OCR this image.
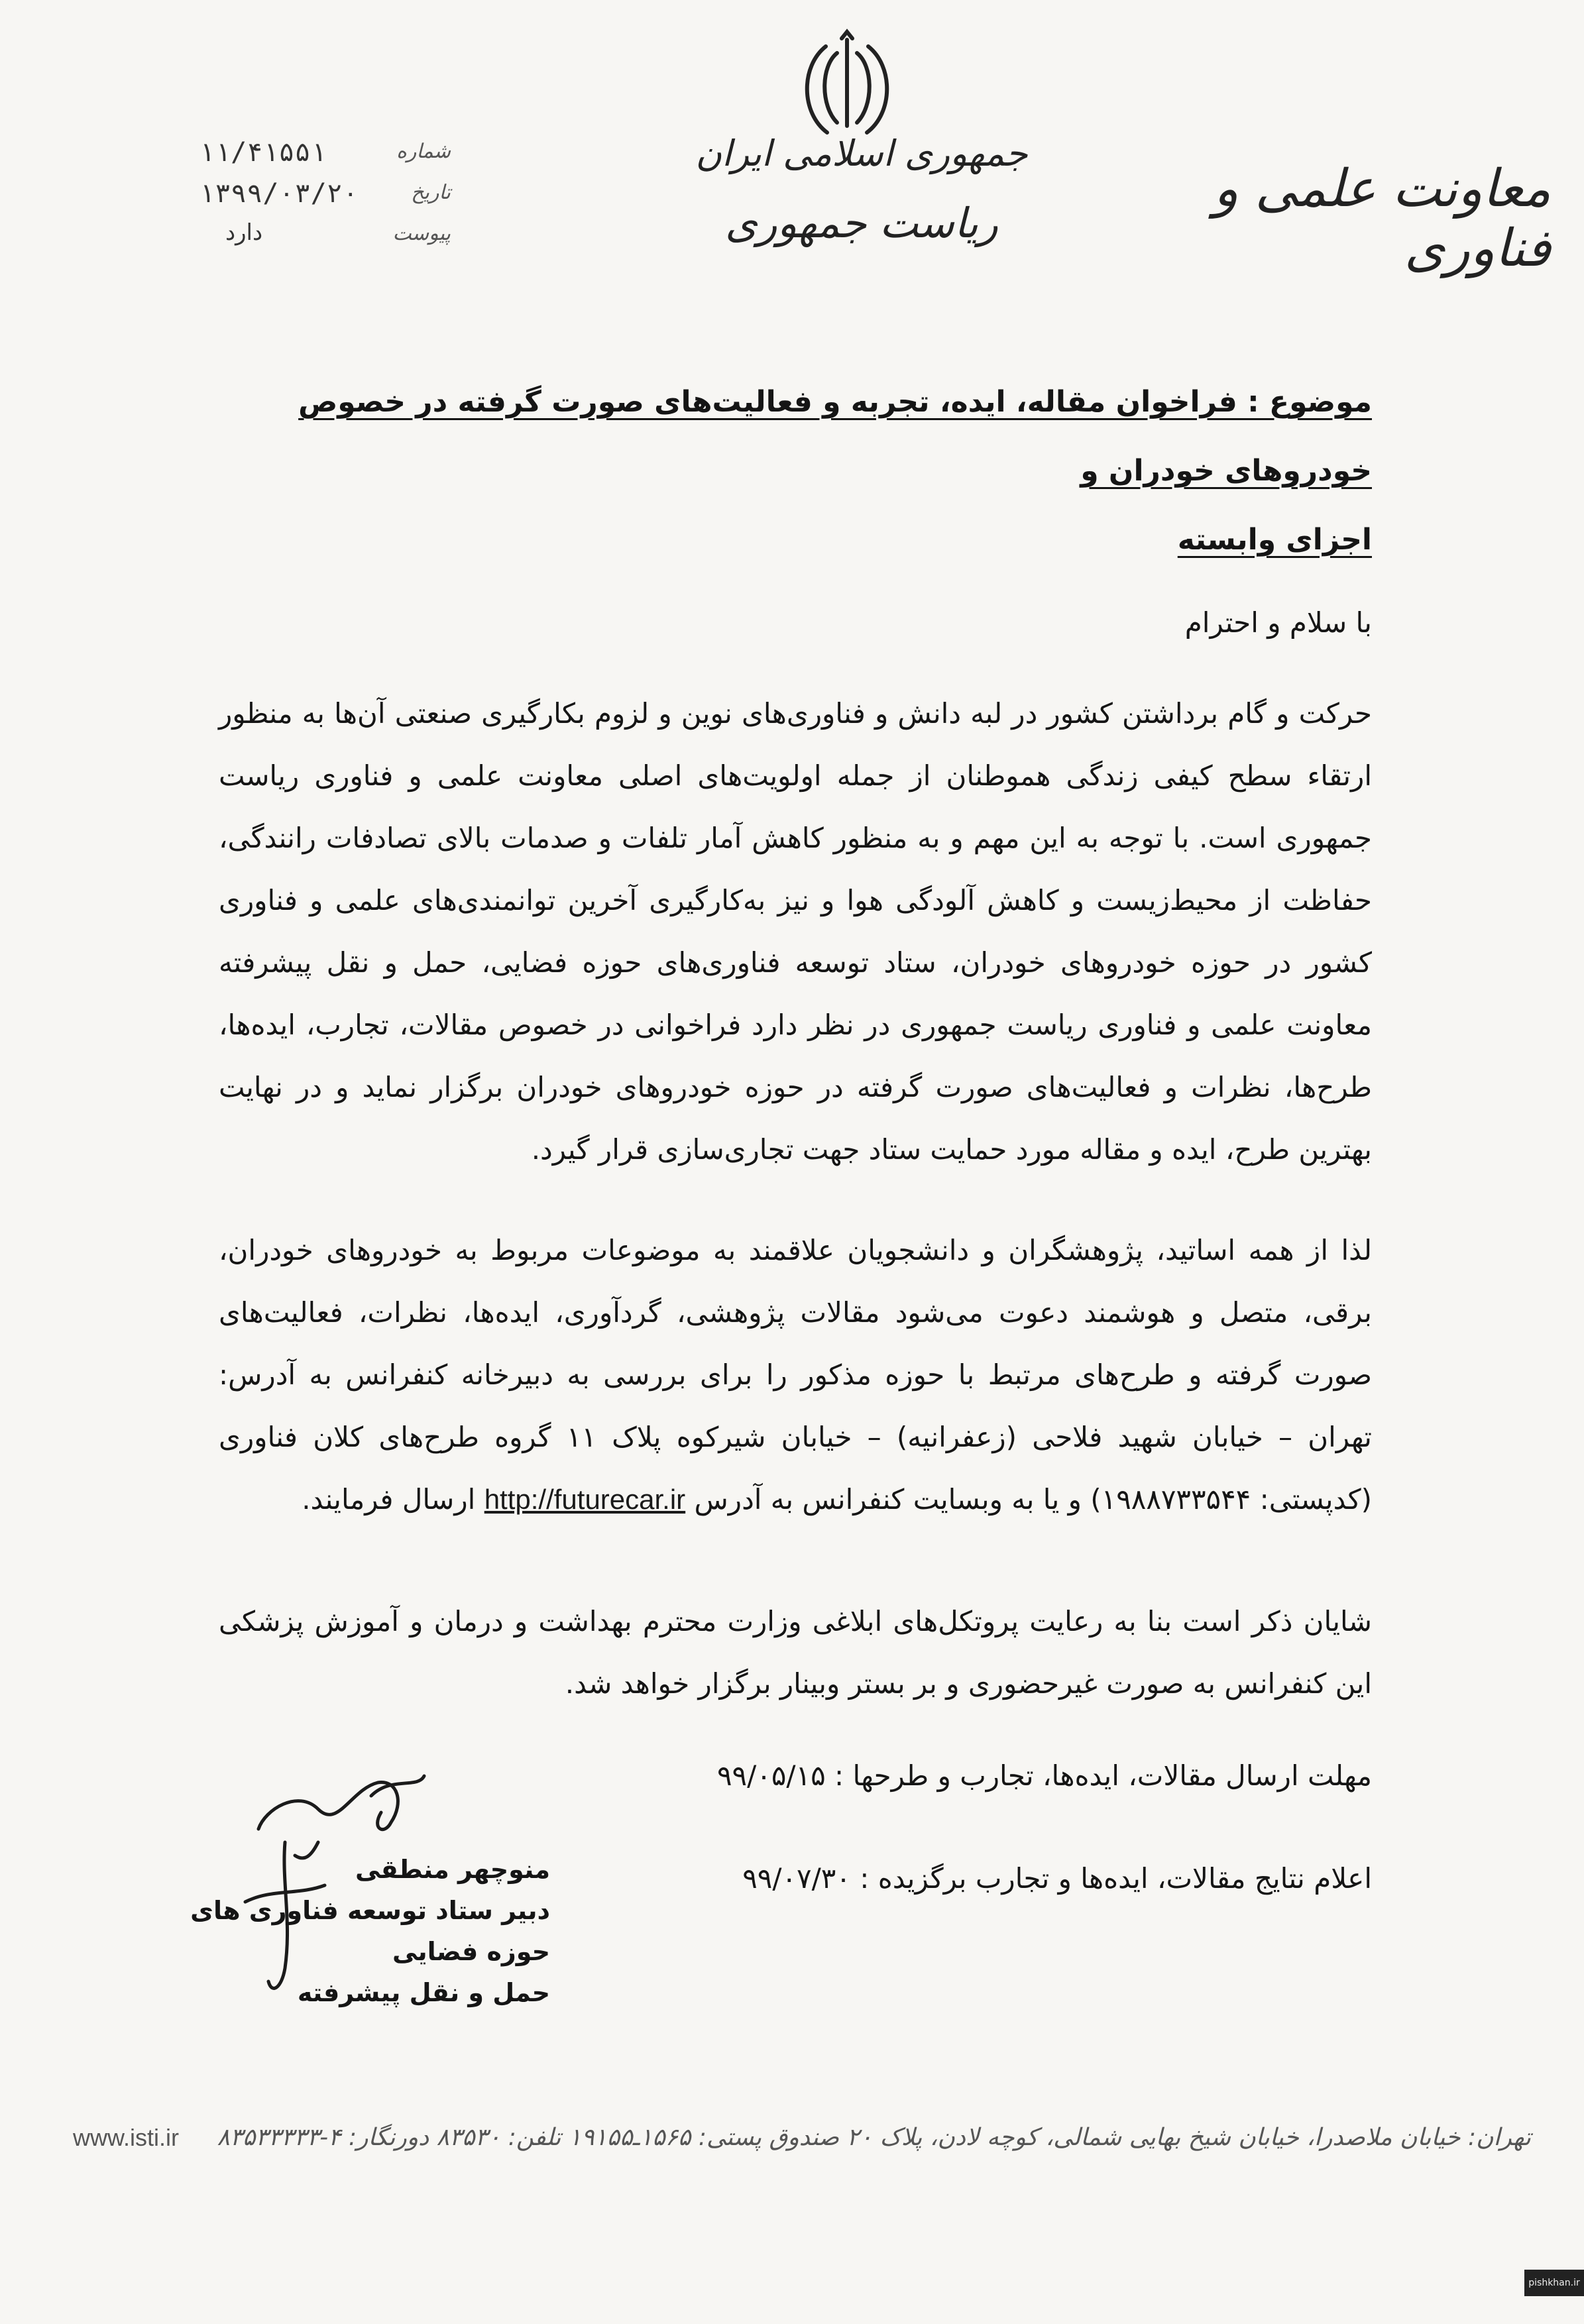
جمهوری اسلامی ایران
ریاست جمهوری
معاونت علمی و فناوری
شماره
۱۱/۴۱۵۵۱
تاریخ
۱۳۹۹/۰۳/۲۰
پیوست
دارد
موضوع : فراخوان مقاله، ایده، تجربه و فعالیت‌های صورت گرفته در خصوص خودروهای خودران و
اجزای وابسته
با سلام و احترام
حرکت و گام برداشتن کشور در لبه دانش و فناوری‌های نوین و لزوم بکارگیری صنعتی آن‌ها به منظور ارتقاء سطح کیفی زندگی هموطنان از جمله اولویت‌های اصلی معاونت علمی و فناوری ریاست جمهوری است. با توجه به این مهم و به منظور کاهش آمار تلفات و صدمات بالای تصادفات رانندگی، حفاظت از محیط‌زیست و کاهش آلودگی هوا و نیز به‌کارگیری آخرین توانمندی‌های علمی و فناوری کشور در حوزه خودروهای خودران، ستاد توسعه فناوری‌های حوزه فضایی، حمل و نقل پیشرفته معاونت علمی و فناوری ریاست جمهوری در نظر دارد فراخوانی در خصوص مقالات، تجارب، ایده‌ها، طرح‌ها، نظرات و فعالیت‌های صورت گرفته در حوزه خودروهای خودران برگزار نماید و در نهایت بهترین طرح، ایده و مقاله مورد حمایت ستاد جهت تجاری‌سازی قرار گیرد.
لذا از همه اساتید، پژوهشگران و دانشجویان علاقمند به موضوعات مربوط به خودروهای خودران، برقی، متصل و هوشمند دعوت می‌شود مقالات پژوهشی، گردآوری، ایده‌ها، نظرات، فعالیت‌های صورت گرفته و طرح‌های مرتبط با حوزه مذکور را برای بررسی به دبیرخانه کنفرانس به آدرس: تهران – خیابان شهید فلاحی (زعفرانیه) – خیابان شیرکوه پلاک ۱۱ گروه طرح‌های کلان فناوری (کدپستی: ۱۹۸۸۷۳۳۵۴۴) و یا به وبسایت کنفرانس به آدرس http://futurecar.ir ارسال فرمایند.
شایان ذکر است بنا به رعایت پروتکل‌های ابلاغی وزارت محترم بهداشت و درمان و آموزش پزشکی این کنفرانس به صورت غیرحضوری و بر بستر وبینار برگزار خواهد شد.
مهلت ارسال مقالات، ایده‌ها، تجارب و طرحها : ۹۹/۰۵/۱۵
اعلام نتایج مقالات، ایده‌ها و تجارب برگزیده : ۹۹/۰۷/۳۰
منوچهر منطقی
دبیر ستاد توسعه فناوری های حوزه فضایی
حمل و نقل پیشرفته
www.isti.ir تهران: خیابان ملاصدرا، خیابان شیخ بهایی شمالی، کوچه لادن، پلاک ۲۰ صندوق پستی: ۱۵۶۵ـ۱۹۱۵۵ تلفن: ۸۳۵۳۰ دورنگار: ۴-۸۳۵۳۳۳۳۳
pishkhan.ir
